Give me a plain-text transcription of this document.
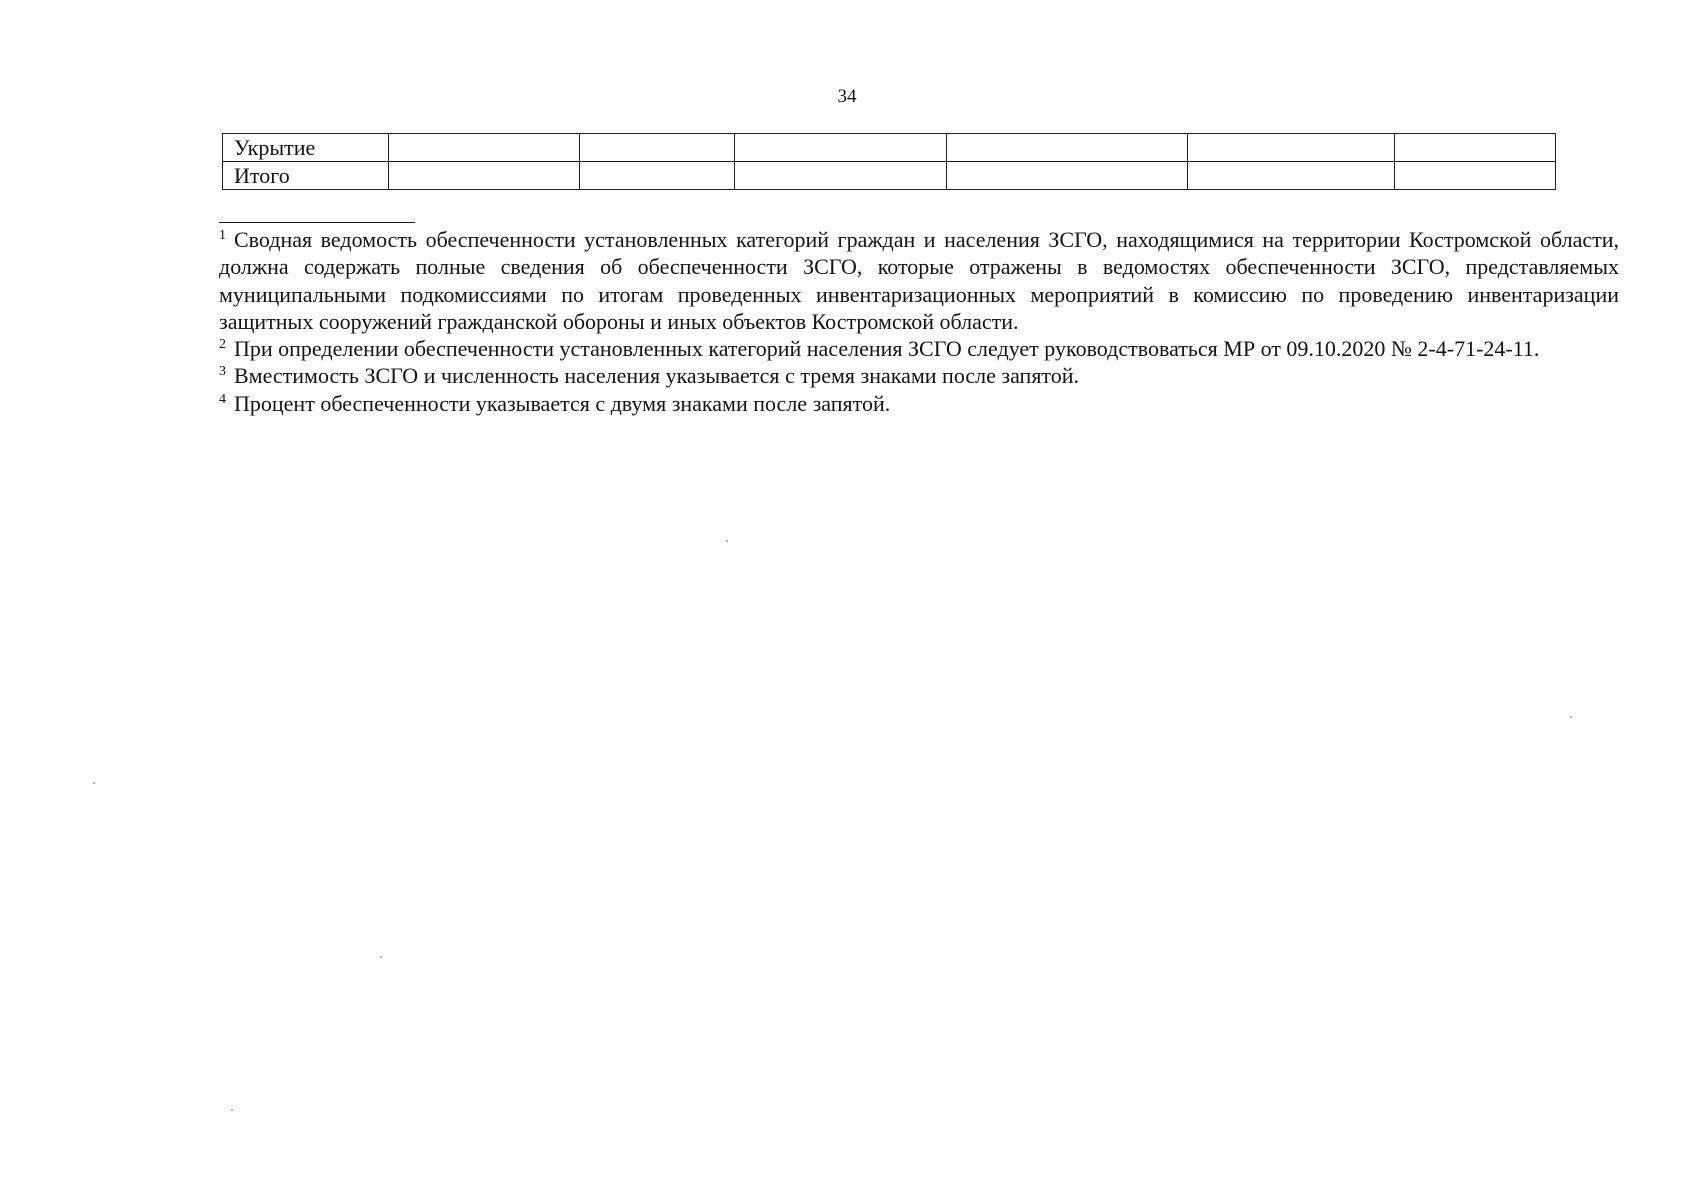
34
Укрытие						
Итого						

$^1$ Сводная ведомость обеспеченности установленных категорий граждан и населения ЗСГО, находящимися на территории Костромской области, должна содержать полные сведения об обеспеченности ЗСГО, которые отражены в ведомостях обеспеченности ЗСГО, представляемых муниципальными подкомиссиями по итогам проведенных инвентаризационных мероприятий в комиссию по проведению инвентаризации защитных сооружений гражданской обороны и иных объектов Костромской области.

$^2$ При определении обеспеченности установленных категорий населения ЗСГО следует руководствоваться МР от 09.10.2020 № 2-4-71-24-11.

$^3$ Вместимость ЗСГО и численность населения указывается с тремя знаками после запятой.

$^4$ Процент обеспеченности указывается с двумя знаками после запятой.
